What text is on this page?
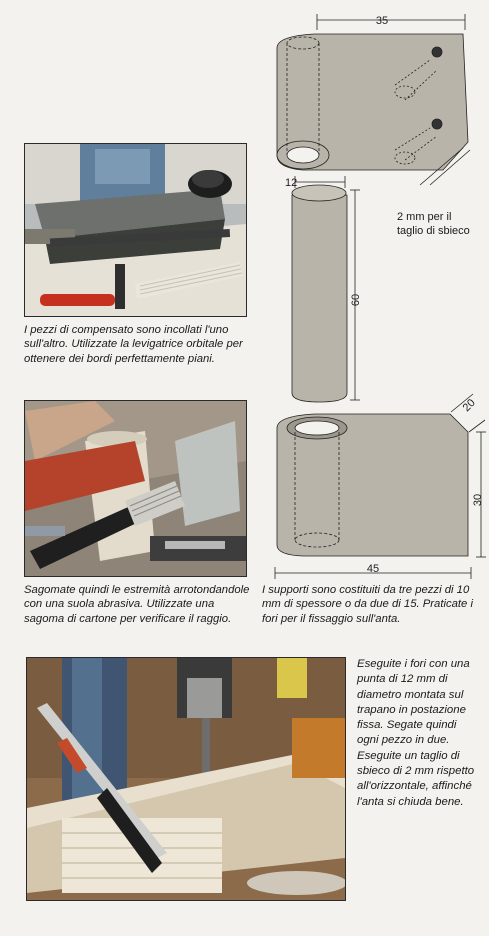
I pezzi di compensato sono incollati l'uno sull'altro. Utilizzate la levigatrice orbitale per ottenere dei bordi perfettamente piani.

Sagomate quindi le estremità arrotondandole con una suola abrasiva. Utilizzate una sagoma di cartone per verificare il raggio.

35
12
60
20
30
45

2 mm per il taglio di sbieco

I supporti sono costituiti da tre pezzi di 10 mm di spessore o da due di 15. Praticate i fori per il fissaggio sull'anta.

Eseguite i fori con una punta di 12 mm di diametro montata sul trapano in postazione fissa. Segate quindi ogni pezzo in due. Eseguite un taglio di sbieco di 2 mm rispetto all'orizzontale, affinché l'anta si chiuda bene.
